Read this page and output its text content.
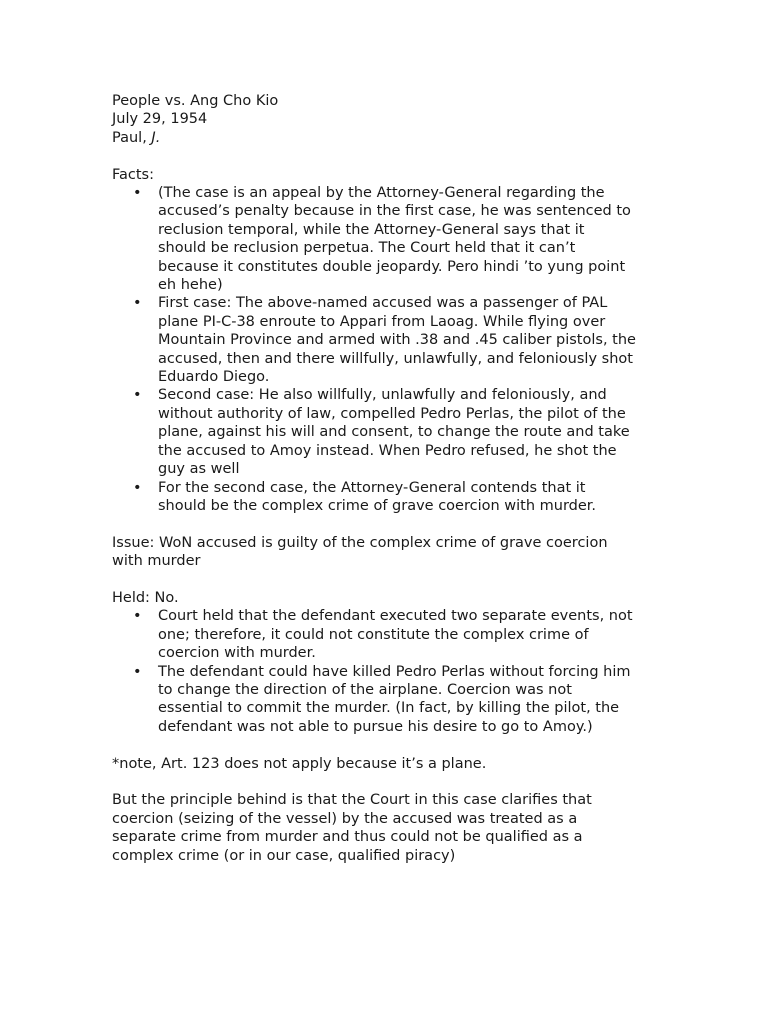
People vs. Ang Cho Kio
July 29, 1954
Paul, J.
Facts:
• (The case is an appeal by the Attorney-General regarding the
accused’s penalty because in the first case, he was sentenced to
reclusion temporal, while the Attorney-General says that it
should be reclusion perpetua. The Court held that it can’t
because it constitutes double jeopardy. Pero hindi ’to yung point
eh hehe)
• First case: The above-named accused was a passenger of PAL
plane PI-C-38 enroute to Appari from Laoag. While flying over
Mountain Province and armed with .38 and .45 caliber pistols, the
accused, then and there willfully, unlawfully, and feloniously shot
Eduardo Diego.
• Second case: He also willfully, unlawfully and feloniously, and
without authority of law, compelled Pedro Perlas, the pilot of the
plane, against his will and consent, to change the route and take
the accused to Amoy instead. When Pedro refused, he shot the
guy as well
• For the second case, the Attorney-General contends that it
should be the complex crime of grave coercion with murder.
Issue: WoN accused is guilty of the complex crime of grave coercion
with murder
Held: No.
• Court held that the defendant executed two separate events, not
one; therefore, it could not constitute the complex crime of
coercion with murder.
• The defendant could have killed Pedro Perlas without forcing him
to change the direction of the airplane. Coercion was not
essential to commit the murder. (In fact, by killing the pilot, the
defendant was not able to pursue his desire to go to Amoy.)
*note, Art. 123 does not apply because it’s a plane.
But the principle behind is that the Court in this case clarifies that
coercion (seizing of the vessel) by the accused was treated as a
separate crime from murder and thus could not be qualified as a
complex crime (or in our case, qualified piracy)
